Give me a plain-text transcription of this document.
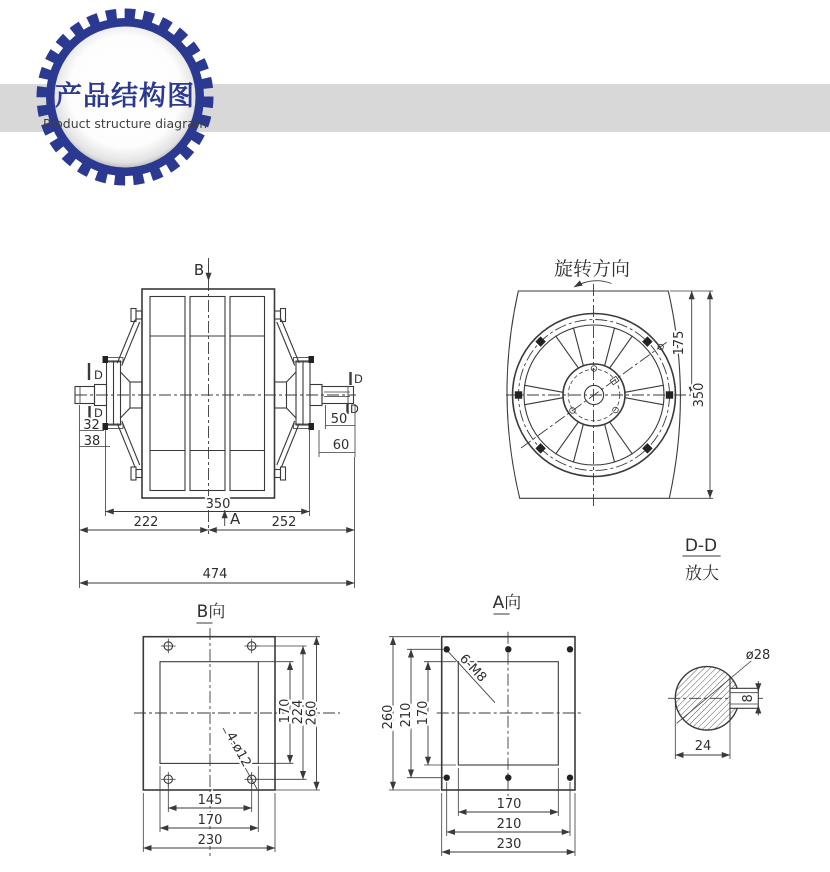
产品结构图
Product structure diagram
B
D
D
D
D
32
38
50
60
350
222	252
474
A
旋转方向
175
350
D-D
放大
B向
4-ø12
170
224
260
145
170
230
A向
6-M8
260 210 170
170
210
230
ø28
8
24
